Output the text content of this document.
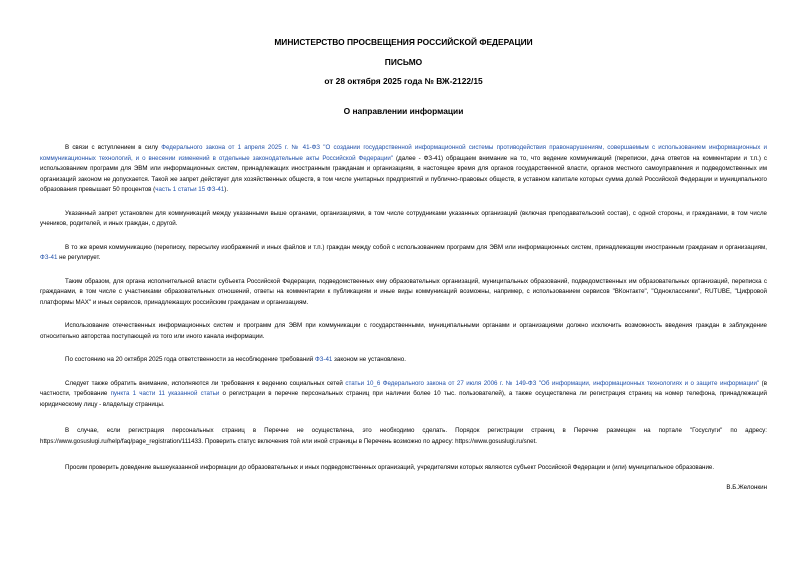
МИНИСТЕРСТВО ПРОСВЕЩЕНИЯ РОССИЙСКОЙ ФЕДЕРАЦИИ
ПИСЬМО
от 28 октября 2025 года № ВЖ-2122/15
О направлении информации

В связи с вступлением в силу Федерального закона от 1 апреля 2025 г. № 41-ФЗ "О создании государственной информационной системы противодействия правонарушениям, совершаемым с использованием информационных и коммуникационных технологий, и о внесении изменений в отдельные законодательные акты Российской Федерации" (далее - ФЗ-41) обращаем внимание на то, что ведение коммуникаций (переписки, дача ответов на комментарии и т.п.) с использованием программ для ЭВМ или информационных систем, принадлежащих иностранным гражданам и организациям, в настоящее время для органов государственной власти, органов местного самоуправления и подведомственных им организаций законом не допускается. Такой же запрет действует для хозяйственных обществ, в том числе унитарных предприятий и публично-правовых обществ, в уставном капитале которых сумма долей Российской Федерации и муниципального образования превышает 50 процентов (часть 1 статьи 15 ФЗ-41).

Указанный запрет установлен для коммуникаций между указанными выше органами, организациями, в том числе сотрудниками указанных организаций (включая преподавательский состав), с одной стороны, и гражданами, в том числе учеников, родителей, и иных граждан, с другой.

В то же время коммуникацию (переписку, пересылку изображений и иных файлов и т.п.) граждан между собой с использованием программ для ЭВМ или информационных систем, принадлежащим иностранным гражданам и организациям, ФЗ-41 не регулирует.

Таким образом, для органа исполнительной власти субъекта Российской Федерации, подведомственных ему образовательных организаций, муниципальных образований, подведомственных им образовательных организаций, переписка с гражданами, в том числе с участниками образовательных отношений, ответы на комментарии к публикациям и иные виды коммуникаций возможны, например, с использованием сервисов "ВКонтакте", "Одноклассники", RUTUBE, "Цифровой платформы MAX" и иных сервисов, принадлежащих российским гражданам и организациям.

Использование отечественных информационных систем и программ для ЭВМ при коммуникации с государственными, муниципальными органами и организациями должно исключить возможность введения граждан в заблуждение относительно авторства поступающей из того или иного канала информации.

По состоянию на 20 октября 2025 года ответственности за несоблюдение требований ФЗ-41 законом не установлено.

Следует также обратить внимание, исполняются ли требования к ведению социальных сетей статьи 10_6 Федерального закона от 27 июля 2006 г. № 149-ФЗ "Об информации, информационных технологиях и о защите информации" (в частности, требование пункта 1 части 11 указанной статьи о регистрации в перечне персональных страниц при наличии более 10 тыс. пользователей), а также осуществлена ли регистрация страниц на номер телефона, принадлежащий юридическому лицу - владельцу страницы.

В случае, если регистрация персональных страниц в Перечне не осуществлена, это необходимо сделать. Порядок регистрации страниц в Перечне размещен на портале "Госуслуги" по адресу: https://www.gosuslugi.ru/help/faq/page_registration/111433. Проверить статус включения той или иной страницы в Перечень возможно по адресу: https://www.gosuslugi.ru/snet.

Просим проверить доведение вышеуказанной информации до образовательных и иных подведомственных организаций, учредителями которых являются субъект Российской Федерации и (или) муниципальное образование.

В.Б.Желонкин
